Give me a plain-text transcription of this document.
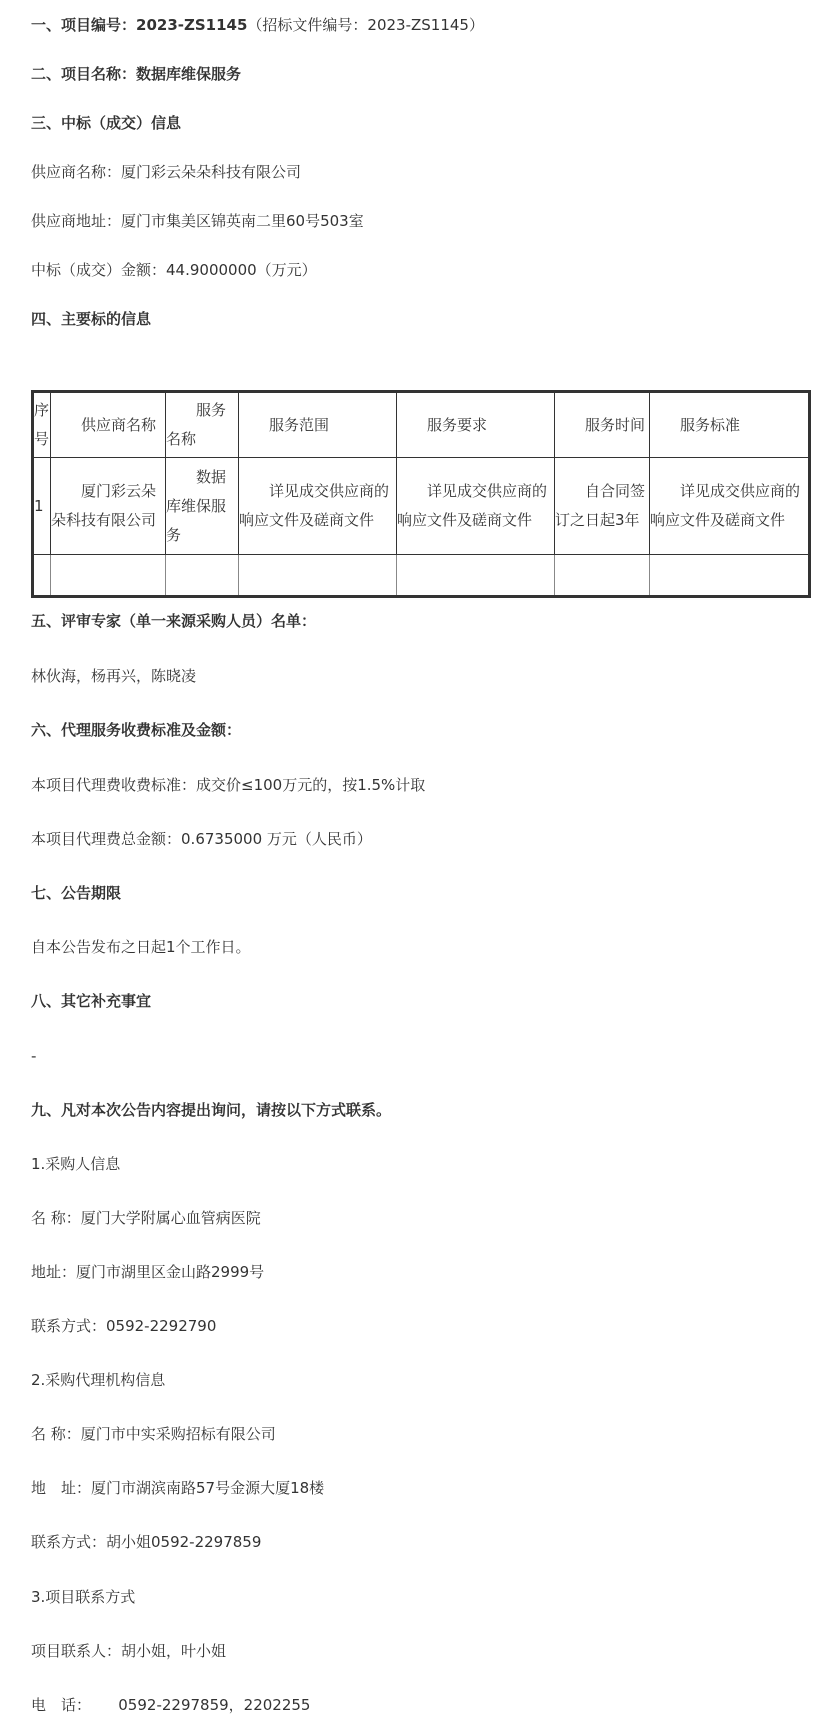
一、项目编号：2023-ZS1145（招标文件编号：2023-ZS1145）
二、项目名称：数据库维保服务
三、中标（成交）信息
供应商名称：厦门彩云朵朵科技有限公司
供应商地址：厦门市集美区锦英南二里60号503室
中标（成交）金额：44.9000000（万元）
四、主要标的信息
序号	供应商名称	服务名称	服务范围	服务要求	服务时间	服务标准

1	厦门彩云朵朵科技有限公司	数据库维保服务	详见成交供应商的响应文件及磋商文件	详见成交供应商的响应文件及磋商文件	自合同签订之日起3年	详见成交供应商的响应文件及磋商文件

五、评审专家（单一来源采购人员）名单：
林伙海，杨再兴，陈晓凌
六、代理服务收费标准及金额：
本项目代理费收费标准：成交价≤100万元的，按1.5%计取
本项目代理费总金额：0.6735000 万元（人民币）
七、公告期限
自本公告发布之日起1个工作日。
八、其它补充事宜
-
九、凡对本次公告内容提出询问，请按以下方式联系。
1.采购人信息
名 称：厦门大学附属心血管病医院
地址：厦门市湖里区金山路2999号
联系方式：0592-2292790
2.采购代理机构信息
名 称：厦门市中实采购招标有限公司
地　址：厦门市湖滨南路57号金源大厦18楼
联系方式：胡小姐0592-2297859
3.项目联系方式
项目联系人：胡小姐，叶小姐
电　话：　　 0592-2297859，2202255
